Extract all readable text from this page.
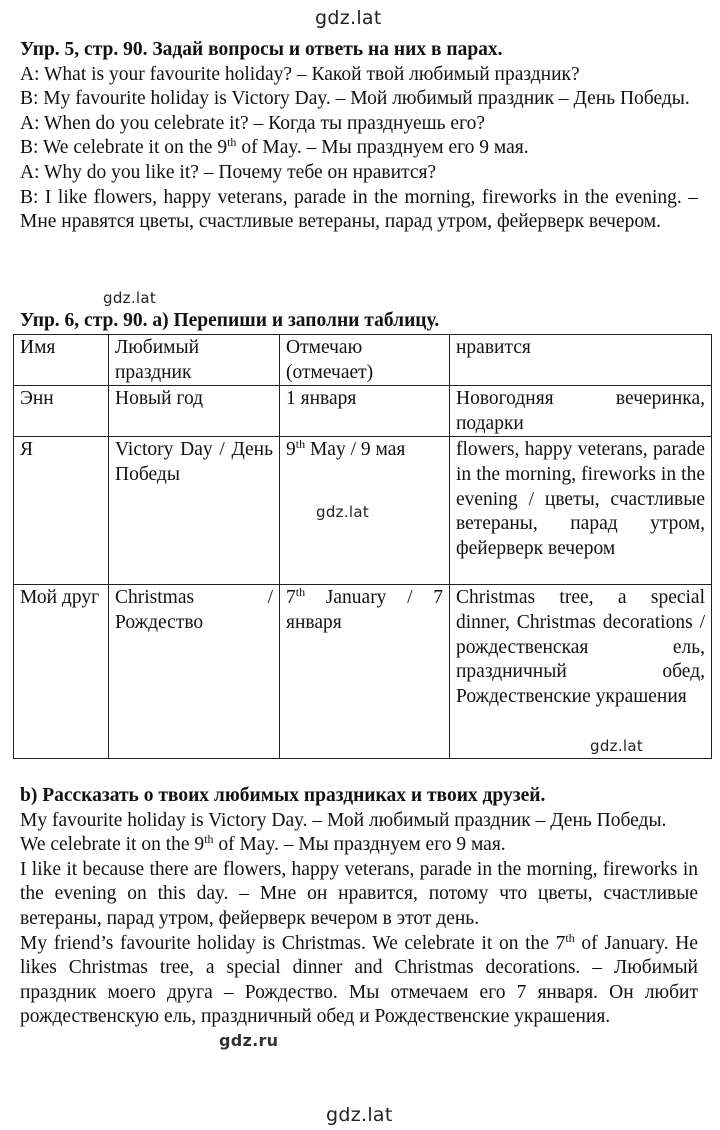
gdz.lat
gdz.lat
gdz.lat
gdz.lat
gdz.ru
gdz.lat

Упр. 5, стр. 90. Задай вопросы и ответь на них в парах.

A: What is your favourite holiday? – Какой твой любимый праздник?

B: My favourite holiday is Victory Day. – Мой любимый праздник – День Победы.

A: When do you celebrate it? – Когда ты празднуешь его?

B: We celebrate it on the 9th of May. – Мы празднуем его 9 мая.

A: Why do you like it? – Почему тебе он нравится?

B: I like flowers, happy veterans, parade in the morning, fireworks in the evening. – Мне нравятся цветы, счастливые ветераны, парад утром, фейерверк вечером.

Упр. 6, стр. 90. а) Перепиши и заполни таблицу.

Имя	Любимый праздник	Отмечаю (отмечает)	нравится
Энн	Новый год	1 января	Новогодняя вечеринка, подарки
Я	Victory Day / День Победы	9th May / 9 мая	flowers, happy veterans, parade in the morning, fireworks in the evening / цветы, счастливые ветераны, парад утром, фейерверк вечером
Мой друг	Christmas / Рождество	7th January / 7 января	Christmas tree, a special dinner, Christmas decorations / рождественская ель, праздничный обед, Рождественские украшения

b) Рассказать о твоих любимых праздниках и твоих друзей.

My favourite holiday is Victory Day. – Мой любимый праздник – День Победы.

We celebrate it on the 9th of May. – Мы празднуем его 9 мая.

I like it because there are flowers, happy veterans, parade in the morning, fireworks in the evening on this day. – Мне он нравится, потому что цветы, счастливые ветераны, парад утром, фейерверк вечером в этот день.

My friend’s favourite holiday is Christmas. We celebrate it on the 7th of January. He likes Christmas tree, a special dinner and Christmas decorations. – Любимый праздник моего друга – Рождество. Мы отмечаем его 7 января. Он любит рождественскую ель, праздничный обед и Рождественские украшения.
